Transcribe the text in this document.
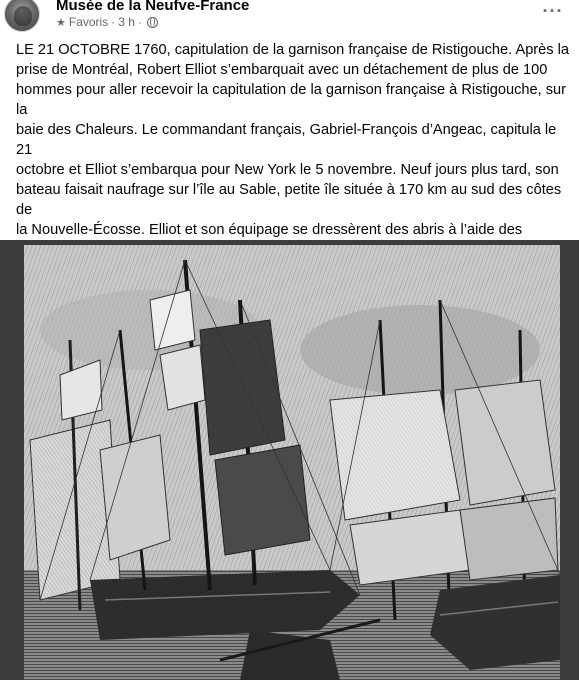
Musée de la Neufve-France
★ Favoris · 3 h ·
···
LE 21 OCTOBRE 1760, capitulation de la garnison française de Ristigouche. Après la
prise de Montréal, Robert Elliot s’embarquait avec un détachement de plus de 100
hommes pour aller recevoir la capitulation de la garnison française à Ristigouche, sur la
baie des Chaleurs. Le commandant français, Gabriel-François d’Angeac, capitula le 21
octobre et Elliot s’embarqua pour New York le 5 novembre. Neuf jours plus tard, son
bateau faisait naufrage sur l’île au Sable, petite île située à 170 km au sud des côtes de
la Nouvelle-Écosse. Elliot et son équipage se dressèrent des abris à l’aide des
